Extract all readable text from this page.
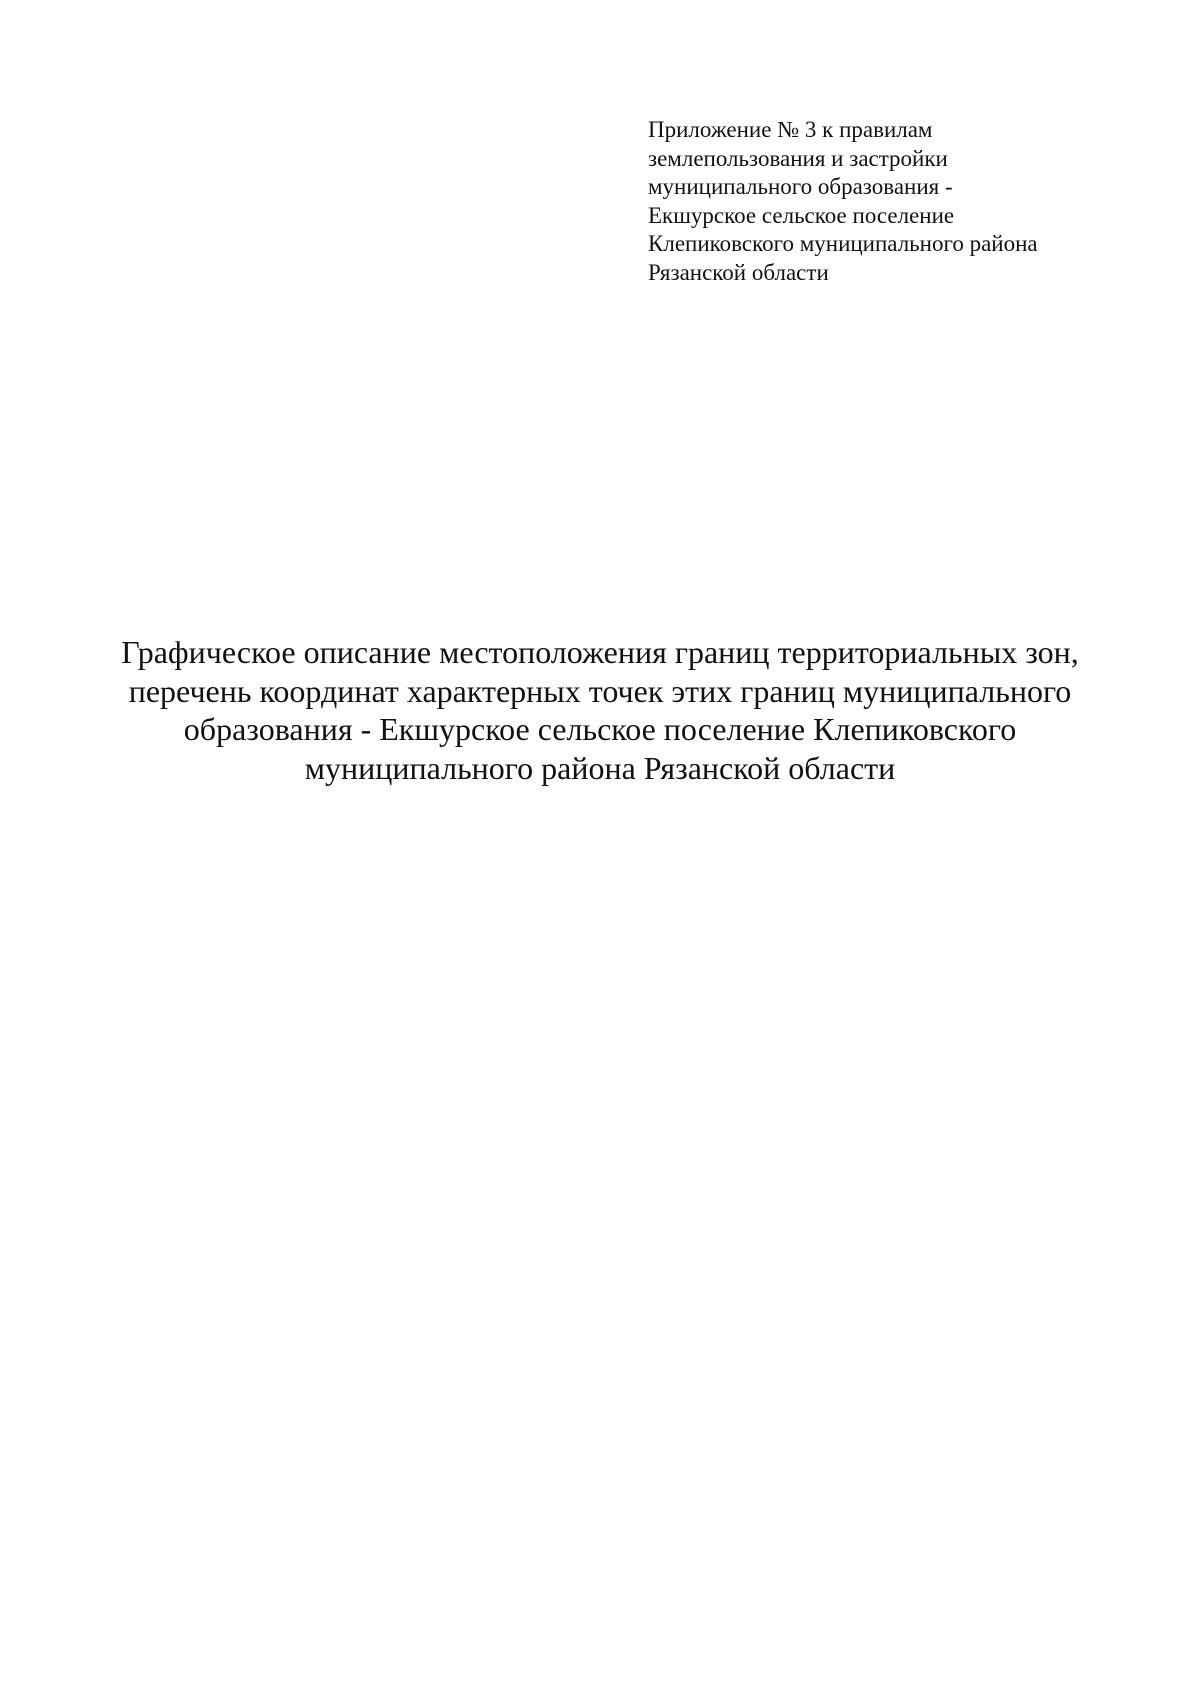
Приложение № 3 к правилам
землепользования и застройки
муниципального образования -
Екшурское сельское поселение
Клепиковского муниципального района
Рязанской области
Графическое описание местоположения границ территориальных зон,
перечень координат характерных точек этих границ муниципального
образования - Екшурское сельское поселение Клепиковского
муниципального района Рязанской области
